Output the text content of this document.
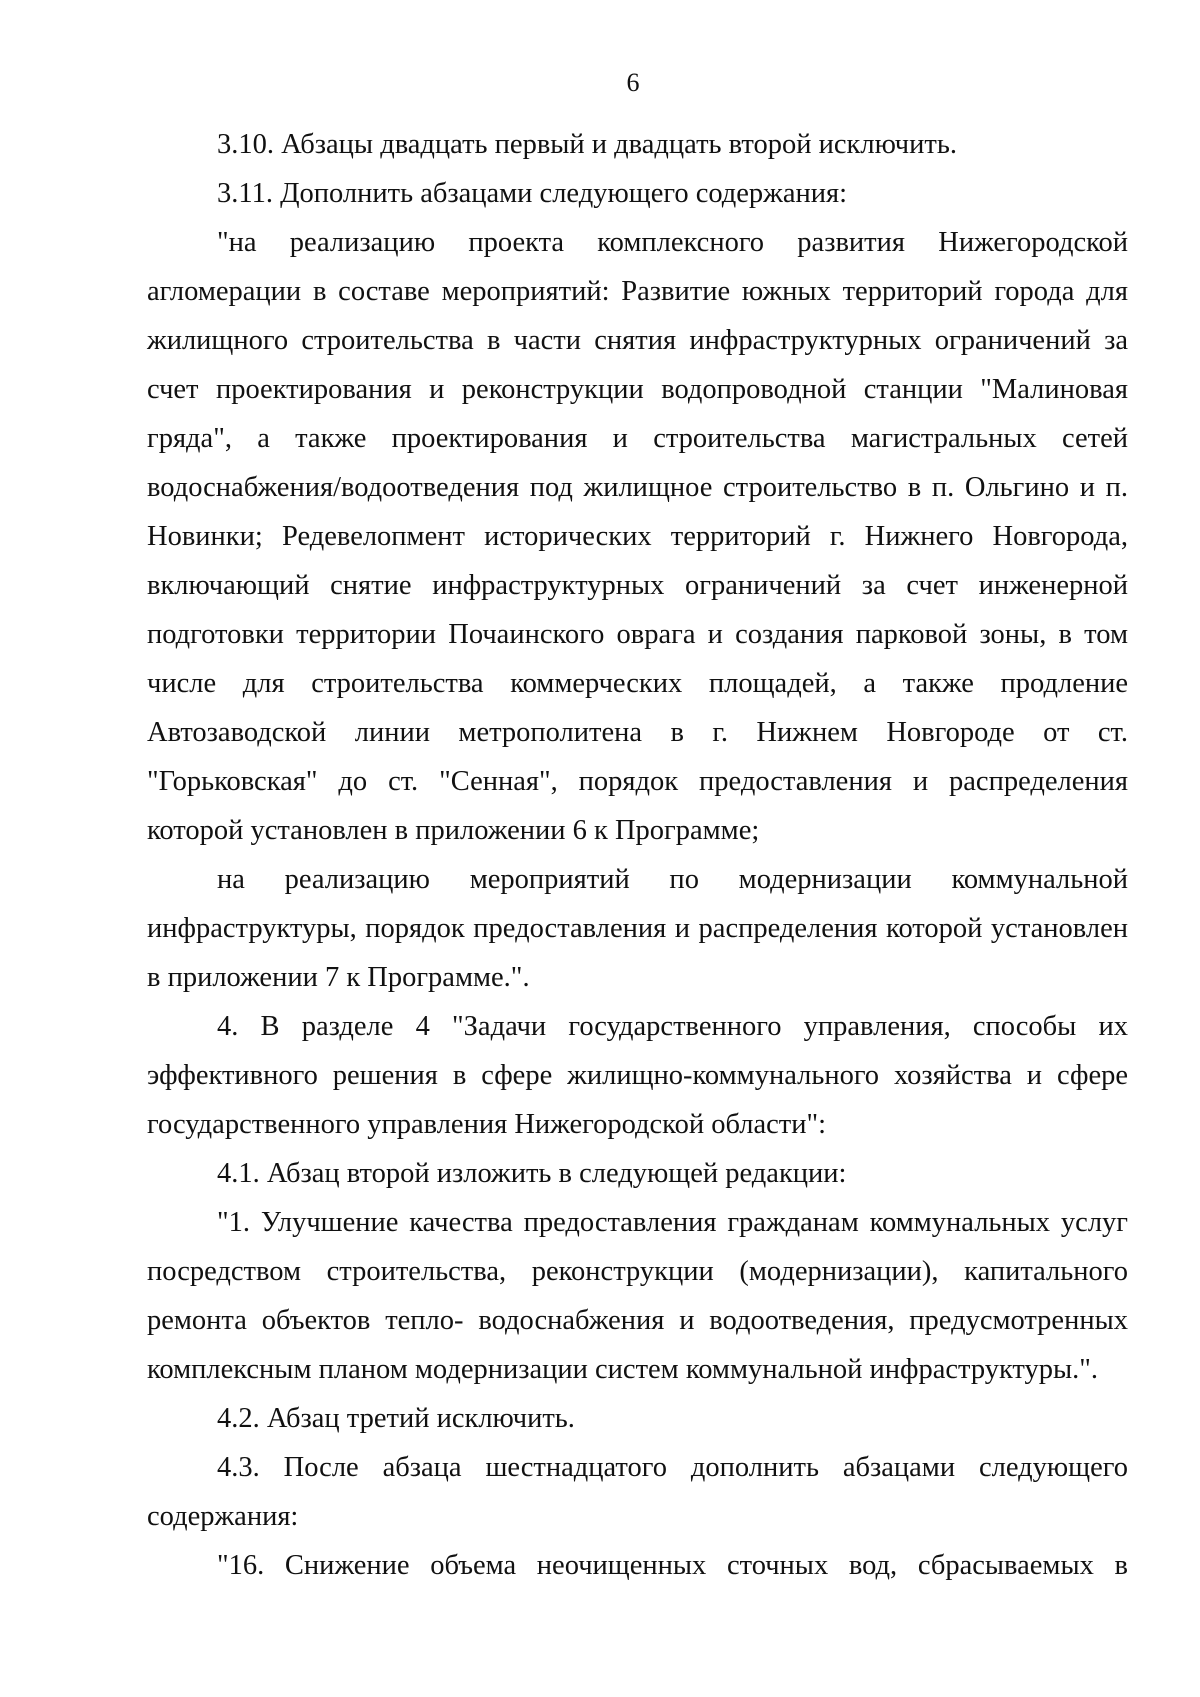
6

3.10. Абзацы двадцать первый и двадцать второй исключить.

3.11. Дополнить абзацами следующего содержания:

"на реализацию проекта комплексного развития Нижегородской агломерации в составе мероприятий: Развитие южных территорий города для жилищного строительства в части снятия инфраструктурных ограничений за счет проектирования и реконструкции водопроводной станции "Малиновая гряда", а также проектирования и строительства магистральных сетей водоснабжения/водоотведения под жилищное строительство в п. Ольгино и п. Новинки; Редевелопмент исторических территорий г. Нижнего Новгорода, включающий снятие инфраструктурных ограничений за счет инженерной подготовки территории Почаинского оврага и создания парковой зоны, в том числе для строительства коммерческих площадей, а также продление Автозаводской линии метрополитена в г. Нижнем Новгороде от ст. "Горьковская" до ст. "Сенная", порядок предоставления и распределения которой установлен в приложении 6 к Программе;

на реализацию мероприятий по модернизации коммунальной инфраструктуры, порядок предоставления и распределения которой установлен в приложении 7 к Программе.".

4. В разделе 4 "Задачи государственного управления, способы их эффективного решения в сфере жилищно-коммунального хозяйства и сфере государственного управления Нижегородской области":

4.1. Абзац второй изложить в следующей редакции:

"1. Улучшение качества предоставления гражданам коммунальных услуг посредством строительства, реконструкции (модернизации), капитального ремонта объектов тепло- водоснабжения и водоотведения, предусмотренных комплексным планом модернизации систем коммунальной инфраструктуры.".

4.2. Абзац третий исключить.

4.3. После абзаца шестнадцатого дополнить абзацами следующего содержания:

"16. Снижение объема неочищенных сточных вод, сбрасываемых в
